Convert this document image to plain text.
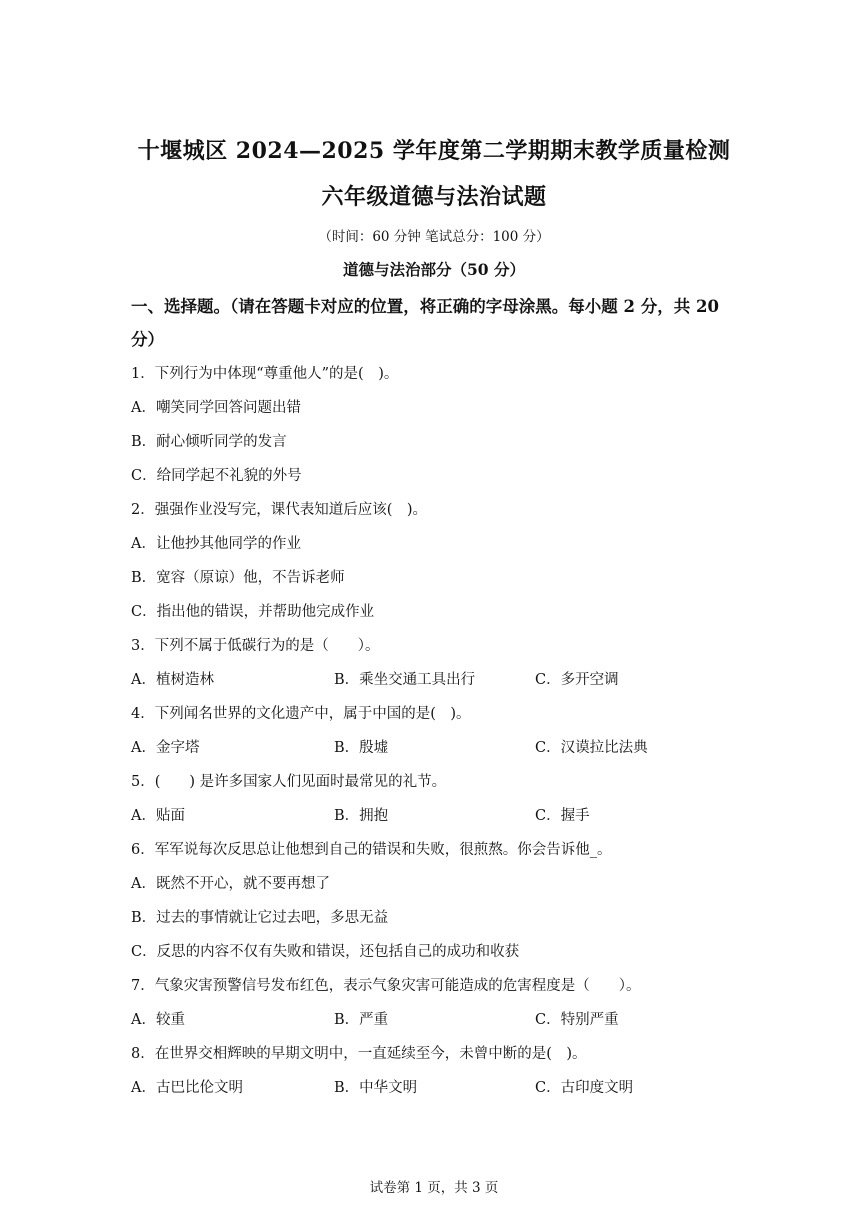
十堰城区 2024—2025 学年度第二学期期末教学质量检测
六年级道德与法治试题
（时间：60 分钟 笔试总分：100 分）
道德与法治部分（50 分）
一、选择题。（请在答题卡对应的位置，将正确的字母涂黑。每小题 2 分，共 20 分）
1．下列行为中体现“尊重他人”的是(　)。
A．嘲笑同学回答问题出错
B．耐心倾听同学的发言
C．给同学起不礼貌的外号
2．强强作业没写完，课代表知道后应该(　)。
A．让他抄其他同学的作业
B．宽容（原谅）他，不告诉老师
C．指出他的错误，并帮助他完成作业
3．下列不属于低碳行为的是（　　）。
A．植树造林	B．乘坐交通工具出行	C．多开空调
4．下列闻名世界的文化遗产中，属于中国的是(　)。
A．金字塔	B．殷墟	C．汉谟拉比法典
5．(　　) 是许多国家人们见面时最常见的礼节。
A．贴面	B．拥抱	C．握手
6．军军说每次反思总让他想到自己的错误和失败，很煎熬。你会告诉他_。
A．既然不开心，就不要再想了
B．过去的事情就让它过去吧，多思无益
C．反思的内容不仅有失败和错误，还包括自己的成功和收获
7．气象灾害预警信号发布红色，表示气象灾害可能造成的危害程度是（　　）。
A．较重	B．严重	C．特别严重
8．在世界交相辉映的早期文明中，一直延续至今，未曾中断的是(　)。
A．古巴比伦文明	B．中华文明	C．古印度文明
试卷第 1 页，共 3 页
